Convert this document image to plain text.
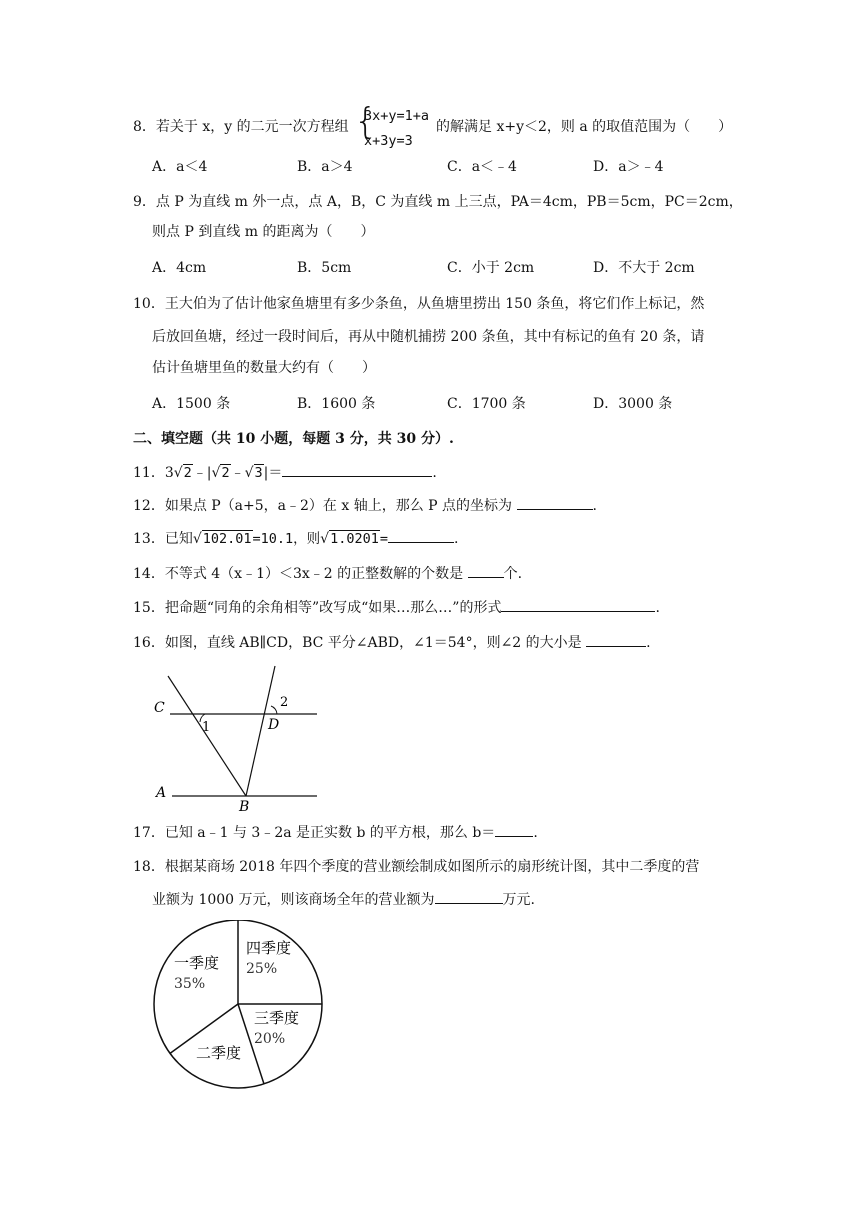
8．若关于 x，y 的二元一次方程组 {
3x+y=1+a
x+3y=3
的解满足 x+y＜2，则 a 的取值范围为（　　）
A．a＜4	B．a＞4	C．a＜﹣4	D．a＞﹣4
9．点 P 为直线 m 外一点，点 A，B，C 为直线 m 上三点，PA＝4cm，PB＝5cm，PC＝2cm，
则点 P 到直线 m 的距离为（　　）
A．4cm	B．5cm	C．小于 2cm	D．不大于 2cm
10．王大伯为了估计他家鱼塘里有多少条鱼，从鱼塘里捞出 150 条鱼，将它们作上标记，然
后放回鱼塘，经过一段时间后，再从中随机捕捞 200 条鱼，其中有标记的鱼有 20 条，请
估计鱼塘里鱼的数量大约有（　　）
A．1500 条	B．1600 条	C．1700 条	D．3000 条
二、填空题（共 10 小题，每题 3 分，共 30 分）.
11．3√2﹣|√2﹣√3|＝	.
12．如果点 P（a+5，a﹣2）在 x 轴上，那么 P 点的坐标为	.
13．已知√102.01=10.1，则√1.0201=	.
14．不等式 4（x﹣1）＜3x﹣2 的正整数解的个数是	个.
15．把命题“同角的余角相等”改写成“如果…那么…”的形式	.
16．如图，直线 AB∥CD，BC 平分∠ABD，∠1＝54°，则∠2 的大小是	.
C
D
A
B
1
2
17．已知 a﹣1 与 3﹣2a 是正实数 b 的平方根，那么 b＝	.
18．根据某商场 2018 年四个季度的营业额绘制成如图所示的扇形统计图，其中二季度的营
业额为 1000 万元，则该商场全年的营业额为	万元.
四季度
25%
三季度
20%
二季度
一季度
35%
